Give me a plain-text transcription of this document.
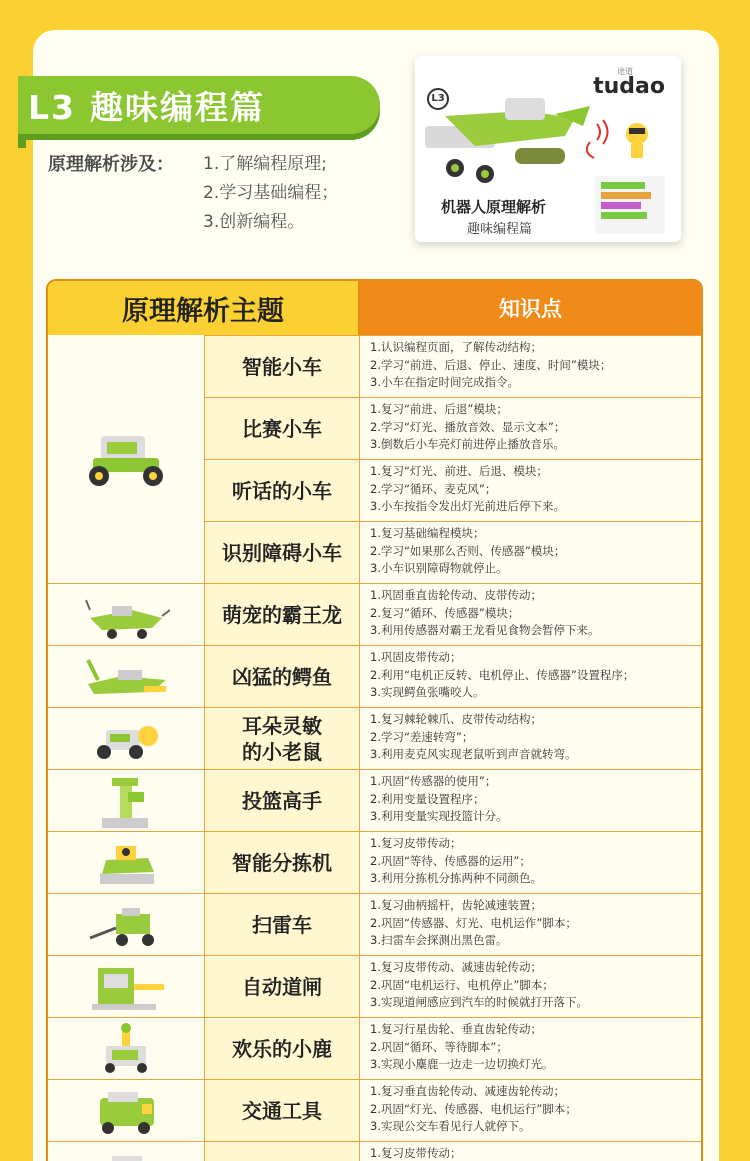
L3 趣味编程篇
原理解析涉及： 1.了解编程原理;
2.学习基础编程；
3.创新编程。
途道
tudao
L3
机器人原理解析
趣味编程篇
原理解析主题	知识点
智能小车
1.认识编程页面，了解传动结构；
2.学习“前进、后退、停止、速度、时间”模块；
3.小车在指定时间完成指令。
比赛小车
1.复习“前进、后退”模块；
2.学习“灯光、播放音效、显示文本”；
3.倒数后小车亮灯前进停止播放音乐。
听话的小车
1.复习“灯光、前进、后退、模块；
2.学习“循环、麦克风”；
3.小车按指令发出灯光前进后停下来。
识别障碍小车
1.复习基础编程模块；
2.学习“如果那么否则、传感器”模块；
3.小车识别障碍物就停止。
萌宠的霸王龙
1.巩固垂直齿轮传动、皮带传动；
2.复习“循环、传感器”模块；
3.利用传感器对霸王龙看见食物会暂停下来。
凶猛的鳄鱼
1.巩固皮带传动；
2.利用“电机正反转、电机停止、传感器”设置程序；
3.实现鳄鱼张嘴咬人。
耳朵灵敏
的小老鼠
1.复习棘轮棘爪、皮带传动结构；
2.学习“差速转弯”；
3.利用麦克风实现老鼠听到声音就转弯。
投篮高手
1.巩固“传感器的使用”；
2.利用变量设置程序；
3.利用变量实现投篮计分。
智能分拣机
1.复习皮带传动；
2.巩固“等待、传感器的运用”；
3.利用分拣机分拣两种不同颜色。
扫雷车
1.复习曲柄摇杆，齿轮减速装置；
2.巩固“传感器、灯光、电机运作”脚本；
3.扫雷车会探测出黑色雷。
自动道闸
1.复习皮带传动、减速齿轮传动；
2.巩固“电机运行、电机停止”脚本；
3.实现道闸感应到汽车的时候就打开落下。
欢乐的小鹿
1.复习行星齿轮、垂直齿轮传动；
2.巩固“循环、等待脚本”；
3.实现小麋鹿一边走一边切换灯光。
交通工具
1.复习垂直齿轮传动、减速齿轮传动；
2.巩固“灯光、传感器、电机运行”脚本；
3.实现公交车看见行人就停下。
1.复习皮带传动；
